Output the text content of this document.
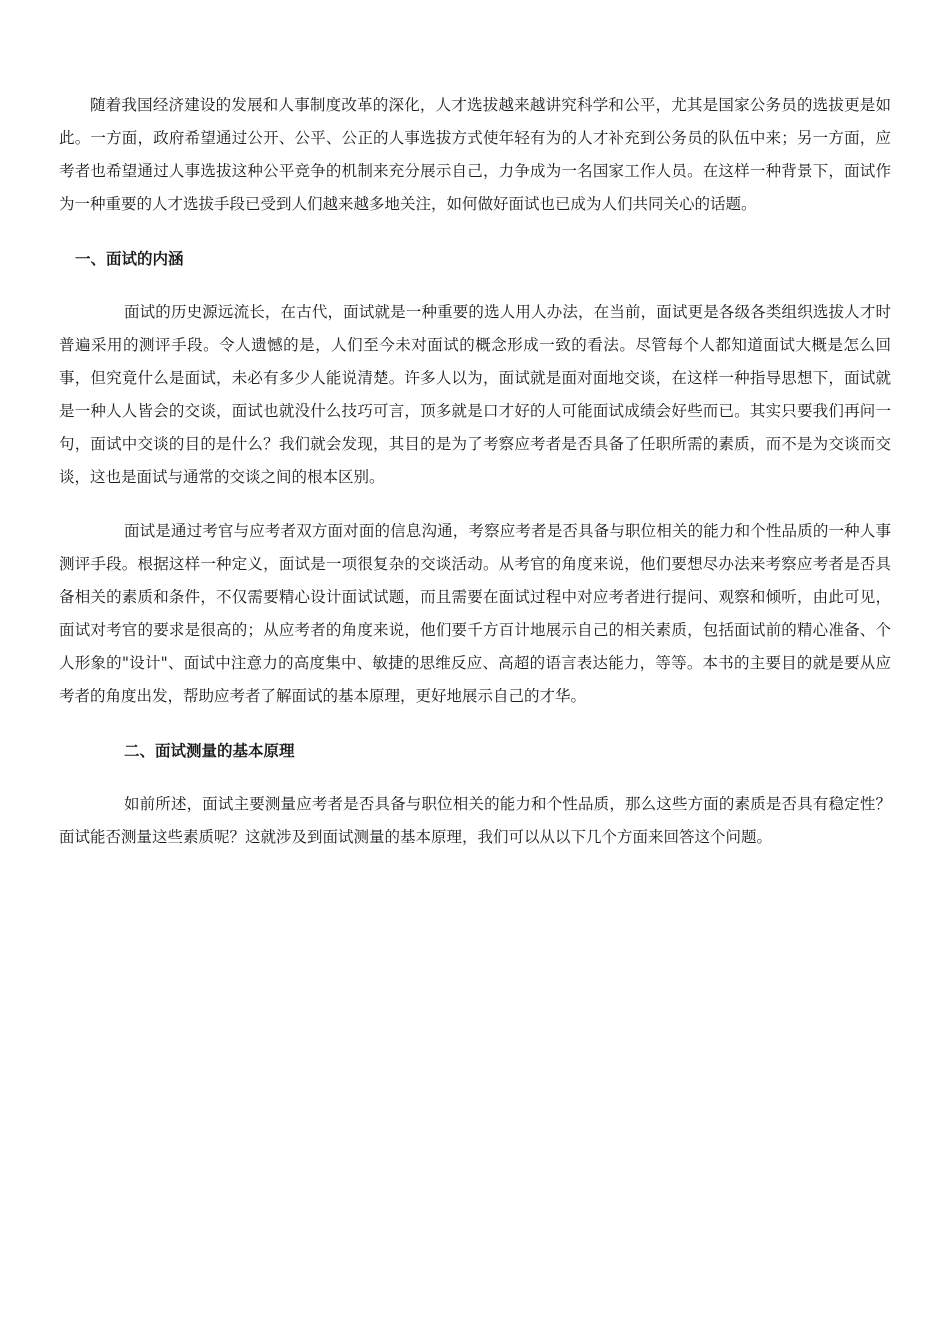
随着我国经济建设的发展和人事制度改革的深化，人才选拔越来越讲究科学和公平，尤其是国家公务员的选拔更是如此。一方面，政府希望通过公开、公平、公正的人事选拔方式使年轻有为的人才补充到公务员的队伍中来；另一方面，应考者也希望通过人事选拔这种公平竞争的机制来充分展示自己，力争成为一名国家工作人员。在这样一种背景下，面试作为一种重要的人才选拔手段已受到人们越来越多地关注，如何做好面试也已成为人们共同关心的话题。

一、面试的内涵

面试的历史源远流长，在古代，面试就是一种重要的选人用人办法，在当前，面试更是各级各类组织选拔人才时普遍采用的测评手段。令人遗憾的是，人们至今未对面试的概念形成一致的看法。尽管每个人都知道面试大概是怎么回事，但究竟什么是面试，未必有多少人能说清楚。许多人以为，面试就是面对面地交谈，在这样一种指导思想下，面试就是一种人人皆会的交谈，面试也就没什么技巧可言，顶多就是口才好的人可能面试成绩会好些而已。其实只要我们再问一句，面试中交谈的目的是什么？我们就会发现，其目的是为了考察应考者是否具备了任职所需的素质，而不是为交谈而交谈，这也是面试与通常的交谈之间的根本区别。

面试是通过考官与应考者双方面对面的信息沟通，考察应考者是否具备与职位相关的能力和个性品质的一种人事测评手段。根据这样一种定义，面试是一项很复杂的交谈活动。从考官的角度来说，他们要想尽办法来考察应考者是否具备相关的素质和条件，不仅需要精心设计面试试题，而且需要在面试过程中对应考者进行提问、观察和倾听，由此可见，面试对考官的要求是很高的；从应考者的角度来说，他们要千方百计地展示自己的相关素质，包括面试前的精心准备、个人形象的"设计"、面试中注意力的高度集中、敏捷的思维反应、高超的语言表达能力，等等。本书的主要目的就是要从应考者的角度出发，帮助应考者了解面试的基本原理，更好地展示自己的才华。

二、面试测量的基本原理

如前所述，面试主要测量应考者是否具备与职位相关的能力和个性品质，那么这些方面的素质是否具有稳定性？面试能否测量这些素质呢？这就涉及到面试测量的基本原理，我们可以从以下几个方面来回答这个问题。
